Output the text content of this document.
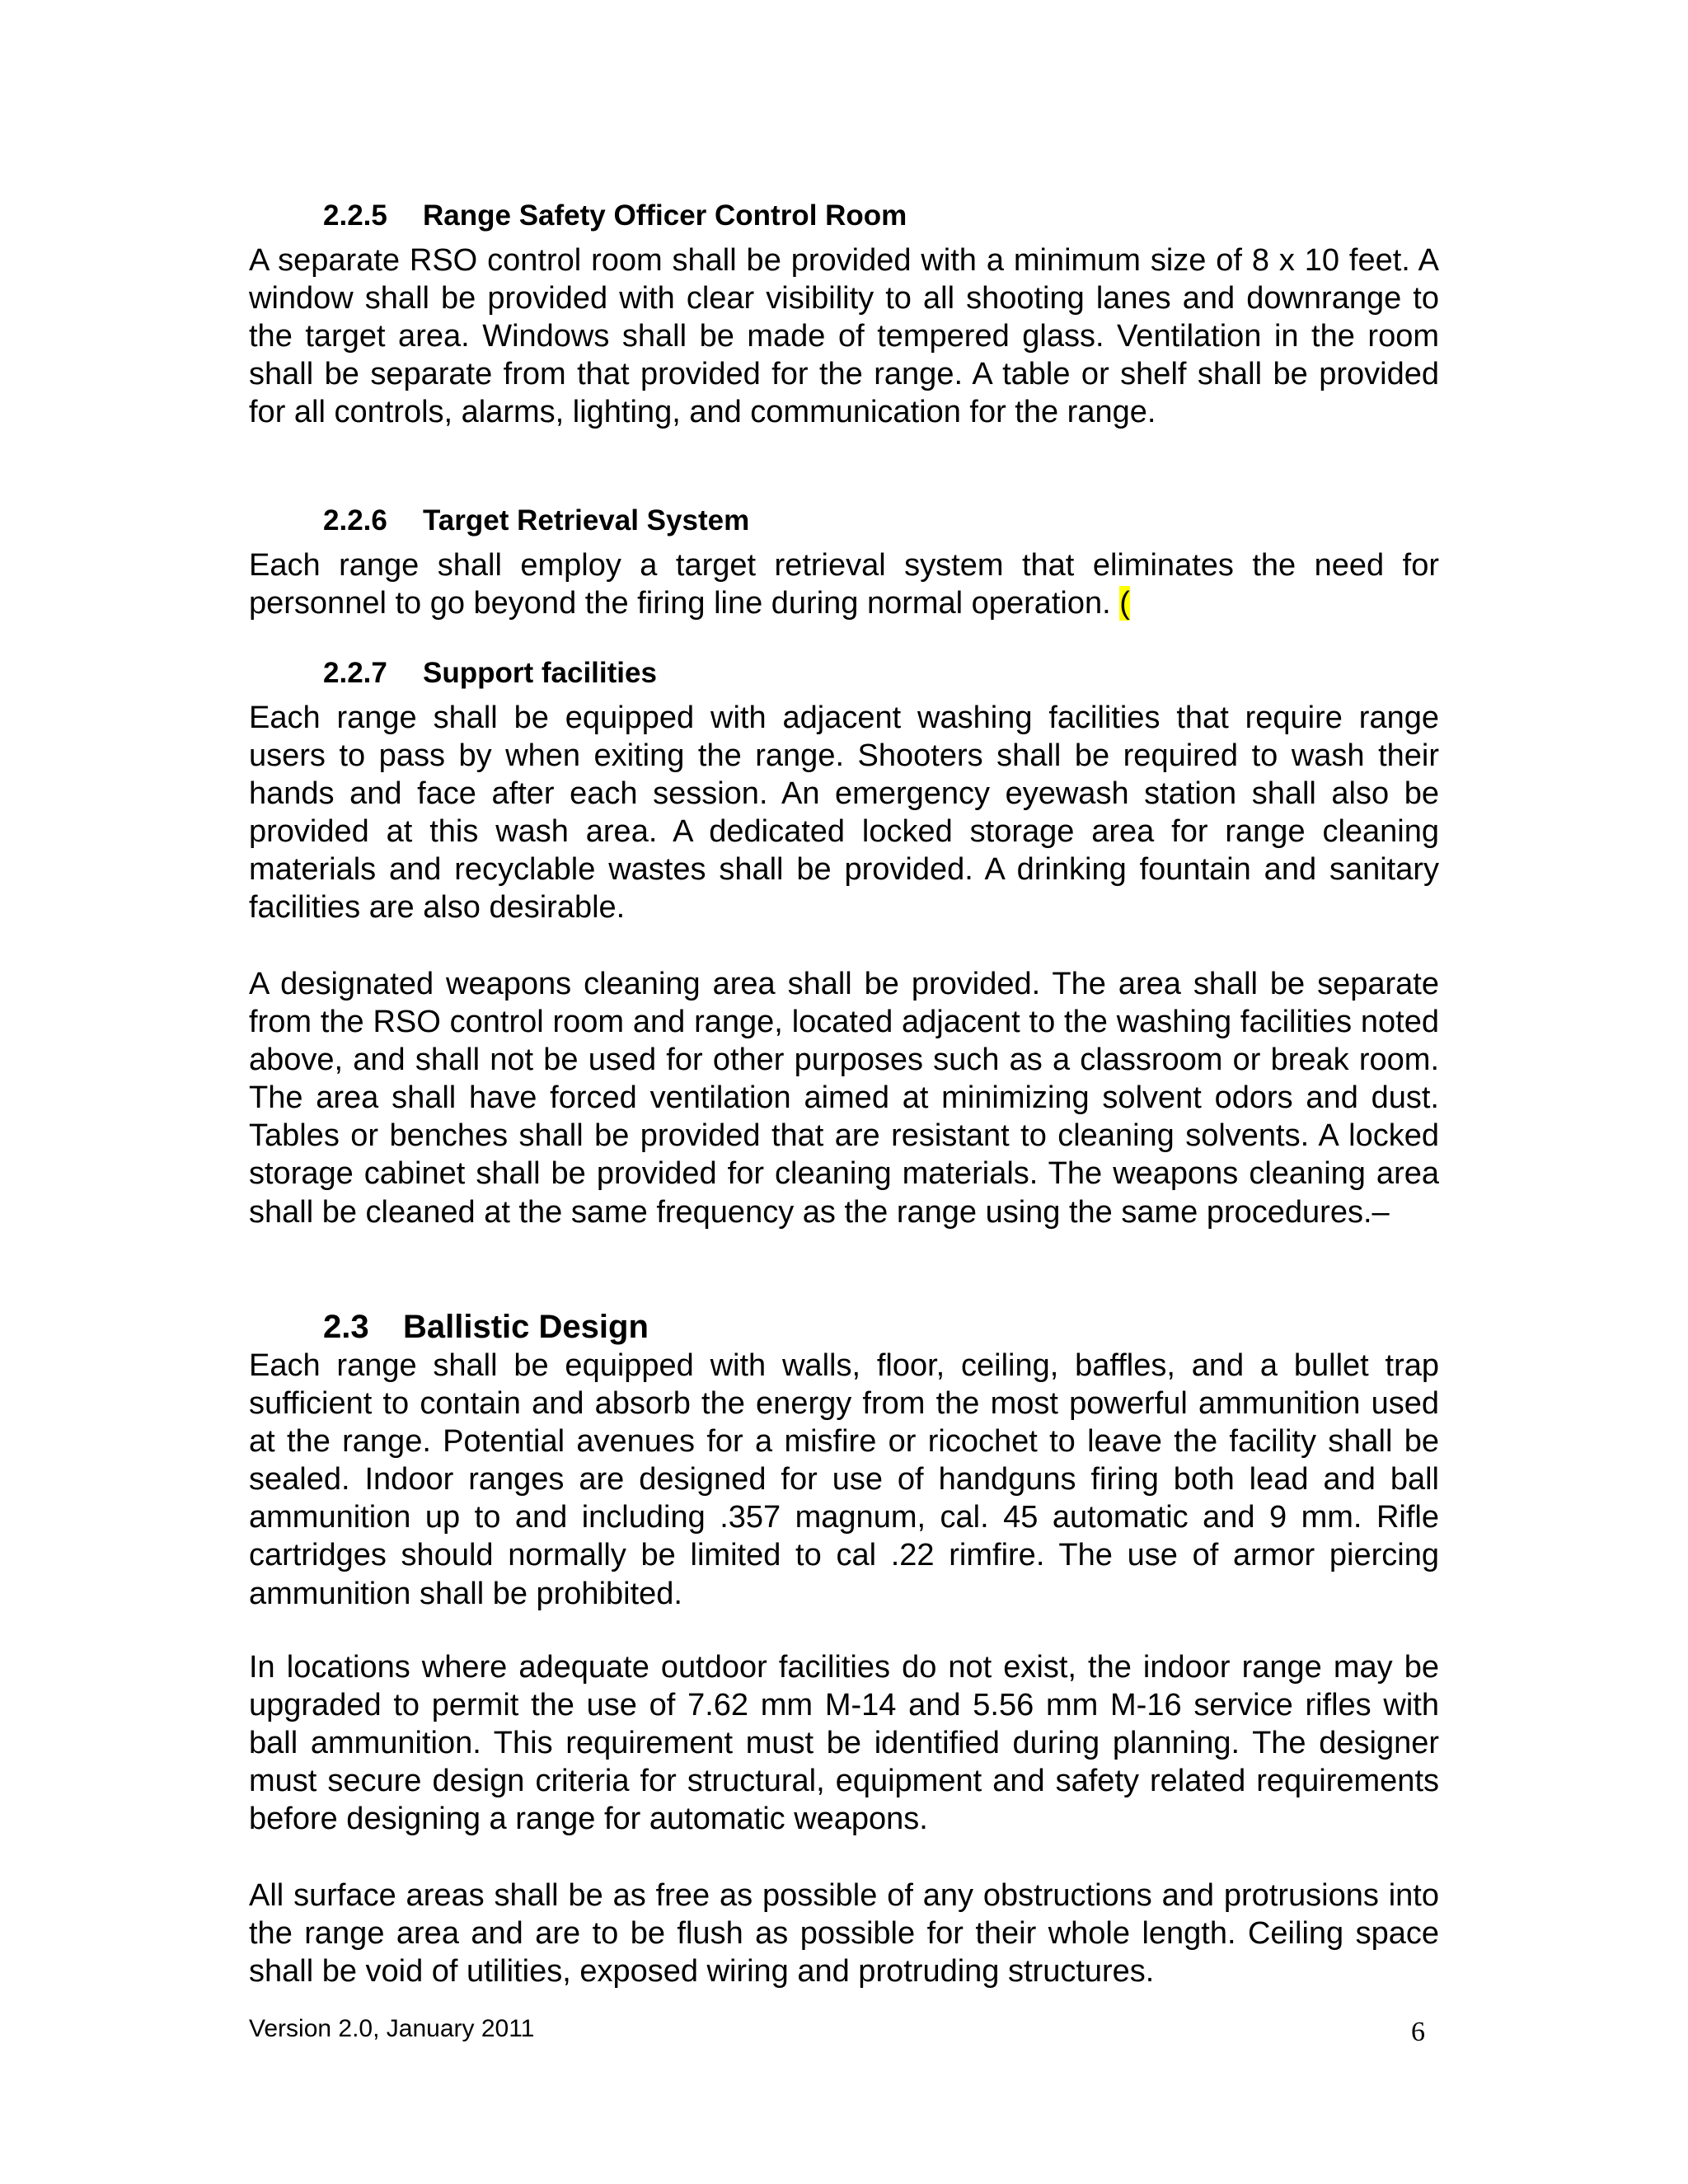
2.2.5 Range Safety Officer Control Room

A separate RSO control room shall be provided with a minimum size of 8 x 10 feet. A window shall be provided with clear visibility to all shooting lanes and downrange to the target area. Windows shall be made of tempered glass. Ventilation in the room shall be separate from that provided for the range. A table or shelf shall be provided for all controls, alarms, lighting, and communication for the range.

2.2.6 Target Retrieval System

Each range shall employ a target retrieval system that eliminates the need for personnel to go beyond the firing line during normal operation. (

2.2.7 Support facilities

Each range shall be equipped with adjacent washing facilities that require range users to pass by when exiting the range. Shooters shall be required to wash their hands and face after each session. An emergency eyewash station shall also be provided at this wash area. A dedicated locked storage area for range cleaning materials and recyclable wastes shall be provided. A drinking fountain and sanitary facilities are also desirable.

A designated weapons cleaning area shall be provided. The area shall be separate from the RSO control room and range, located adjacent to the washing facilities noted above, and shall not be used for other purposes such as a classroom or break room. The area shall have forced ventilation aimed at minimizing solvent odors and dust. Tables or benches shall be provided that are resistant to cleaning solvents. A locked storage cabinet shall be provided for cleaning materials. The weapons cleaning area shall be cleaned at the same frequency as the range using the same procedures.–

2.3 Ballistic Design

Each range shall be equipped with walls, floor, ceiling, baffles, and a bullet trap sufficient to contain and absorb the energy from the most powerful ammunition used at the range. Potential avenues for a misfire or ricochet to leave the facility shall be sealed. Indoor ranges are designed for use of handguns firing both lead and ball ammunition up to and including .357 magnum, cal. 45 automatic and 9 mm. Rifle cartridges should normally be limited to cal .22 rimfire. The use of armor piercing ammunition shall be prohibited.

In locations where adequate outdoor facilities do not exist, the indoor range may be upgraded to permit the use of 7.62 mm M-14 and 5.56 mm M-16 service rifles with ball ammunition. This requirement must be identified during planning. The designer must secure design criteria for structural, equipment and safety related requirements before designing a range for automatic weapons.

All surface areas shall be as free as possible of any obstructions and protrusions into the range area and are to be flush as possible for their whole length. Ceiling space shall be void of utilities, exposed wiring and protruding structures.

Version 2.0, January 2011	6
